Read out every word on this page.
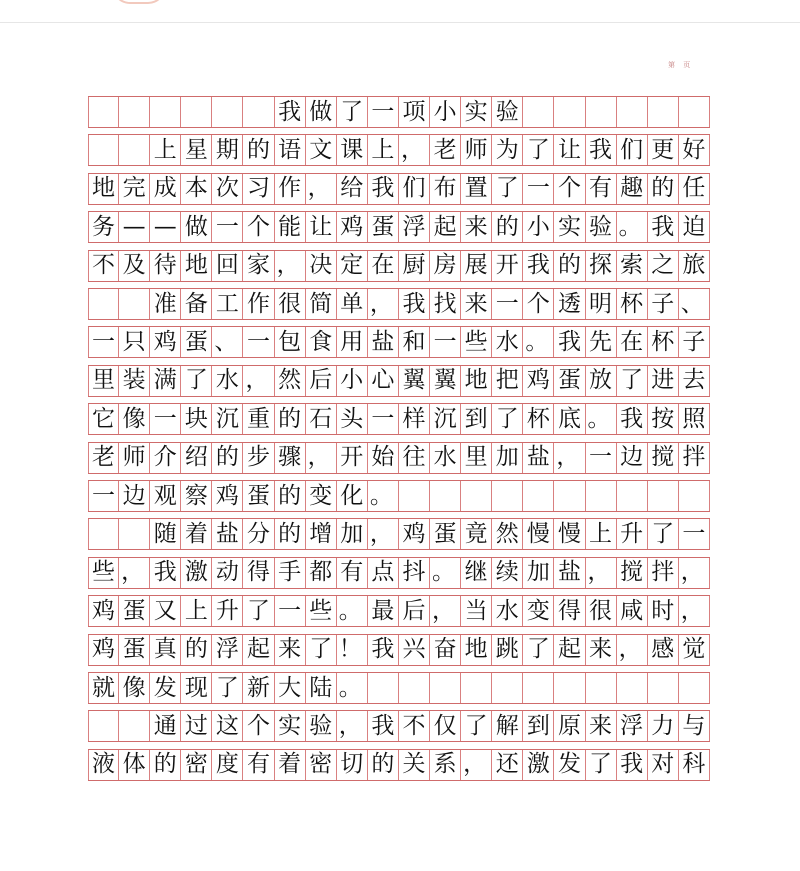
第 页
我 做 了 一 项 小 实 验
上 星 期 的 语 文 课 上 ， 老 师 为 了 让 我 们 更 好
地 完 成 本 次 习 作 ， 给 我 们 布 置 了 一 个 有 趣 的 任
务 — — 做 一 个 能 让 鸡 蛋 浮 起 来 的 小 实 验 。 我 迫
不 及 待 地 回 家 ， 决 定 在 厨 房 展 开 我 的 探 索 之 旅
准 备 工 作 很 简 单 ， 我 找 来 一 个 透 明 杯 子 、
一 只 鸡 蛋 、 一 包 食 用 盐 和 一 些 水 。 我 先 在 杯 子
里 装 满 了 水 ， 然 后 小 心 翼 翼 地 把 鸡 蛋 放 了 进 去
它 像 一 块 沉 重 的 石 头 一 样 沉 到 了 杯 底 。 我 按 照
老 师 介 绍 的 步 骤 ， 开 始 往 水 里 加 盐 ， 一 边 搅 拌
一 边 观 察 鸡 蛋 的 变 化 。
随 着 盐 分 的 增 加 ， 鸡 蛋 竟 然 慢 慢 上 升 了 一
些 ， 我 激 动 得 手 都 有 点 抖 。 继 续 加 盐 ， 搅 拌 ，
鸡 蛋 又 上 升 了 一 些 。 最 后 ， 当 水 变 得 很 咸 时 ，
鸡 蛋 真 的 浮 起 来 了 ！ 我 兴 奋 地 跳 了 起 来 ， 感 觉
就 像 发 现 了 新 大 陆 。
通 过 这 个 实 验 ， 我 不 仅 了 解 到 原 来 浮 力 与
液 体 的 密 度 有 着 密 切 的 关 系 ， 还 激 发 了 我 对 科
